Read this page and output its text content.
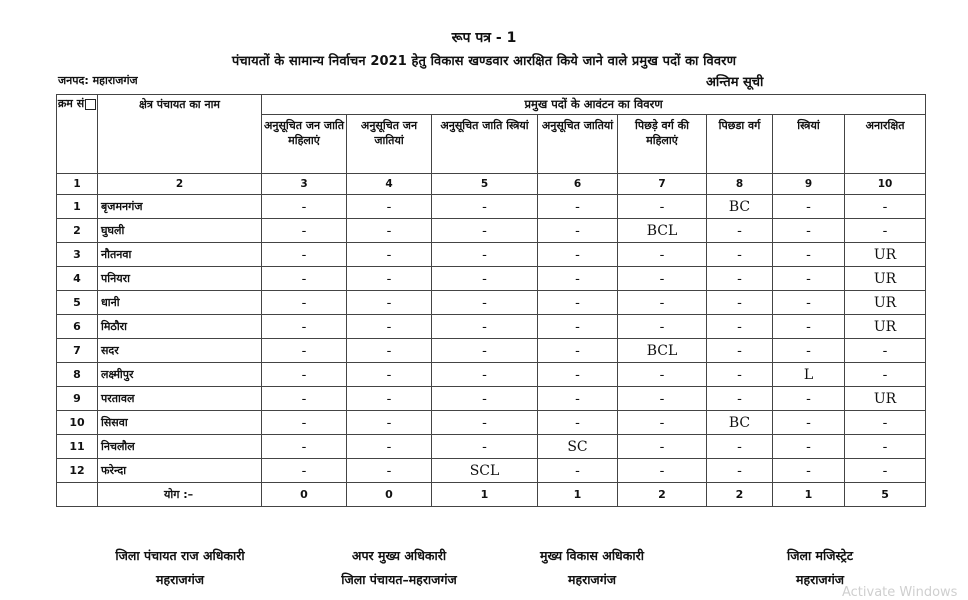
रूप पत्र - 1
पंचायतों के सामान्य निर्वाचन 2021 हेतु विकास खण्डवार आरक्षित किये जाने वाले प्रमुख पदों का विवरण
जनपद: महाराजगंज	अन्तिम सूची
क्रम सं	क्षेत्र पंचायत का नाम	प्रमुख पदों के आवंटन का विवरण							
		अनुसूचित जन जाति महिलाएं	अनुसूचित जन जातियां	अनुसूचित जाति स्त्रियां	अनुसूचित जातियां	पिछड़े वर्ग की महिलाएं	पिछडा वर्ग	स्त्रियां	अनारक्षित
1	2	3	4	5	6	7	8	9	10
1	बृजमनगंज	-	-	-	-	-	BC	-	-
2	घुघली	-	-	-	-	BCL	-	-	-
3	नौतनवा	-	-	-	-	-	-	-	UR
4	पनियरा	-	-	-	-	-	-	-	UR
5	धानी	-	-	-	-	-	-	-	UR
6	मिठौरा	-	-	-	-	-	-	-	UR
7	सदर	-	-	-	-	BCL	-	-	-
8	लक्ष्मीपुर	-	-	-	-	-	-	L	-
9	परतावल	-	-	-	-	-	-	-	UR
10	सिसवा	-	-	-	-	-	BC	-	-
11	निचलौल	-	-	-	SC	-	-	-	-
12	फरेन्दा	-	-	SCL	-	-	-	-	-
	योग :–	0	0	1	1	2	2	1	5
जिला पंचायत राज अधिकारी
महराजगंज
अपर मुख्य अधिकारी
जिला पंचायत–महराजगंज
मुख्य विकास अधिकारी
महराजगंज
जिला मजिस्ट्रेट
महराजगंज
Activate Windows
